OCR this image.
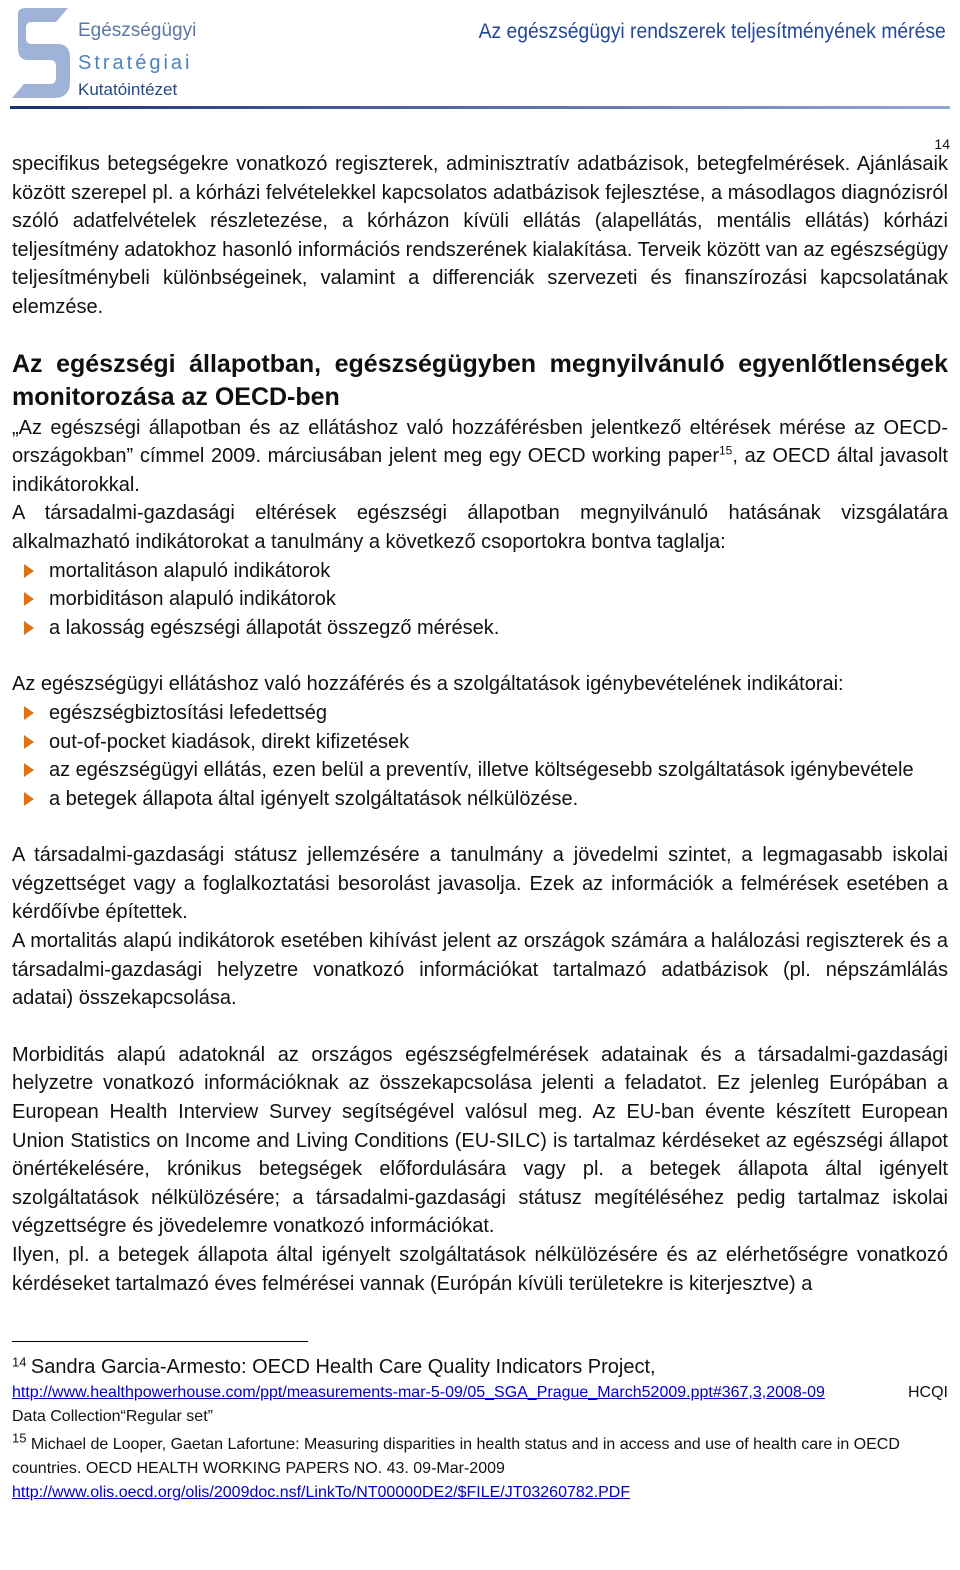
Egészségügyi
Stratégiai
Kutatóintézet
Az egészségügyi rendszerek teljesítményének mérése
14

specifikus betegségekre vonatkozó regiszterek, adminisztratív adatbázisok, betegfelmérések. Ajánlásaik között szerepel pl. a kórházi felvételekkel kapcsolatos adatbázisok fejlesztése, a másodlagos diagnózisról szóló adatfelvételek részletezése, a kórházon kívüli ellátás (alapellátás, mentális ellátás) kórházi teljesítmény adatokhoz hasonló információs rendszerének kialakítása. Terveik között van az egészségügy teljesítménybeli különbségeinek, valamint a differenciák szervezeti és finanszírozási kapcsolatának elemzése.

Az egészségi állapotban, egészségügyben megnyilvánuló egyenlőtlenségek monitorozása az OECD-ben

„Az egészségi állapotban és az ellátáshoz való hozzáférésben jelentkező eltérések mérése az OECD-országokban” címmel 2009. márciusában jelent meg egy OECD working paper$^{15}$, az OECD által javasolt indikátorokkal.

A társadalmi-gazdasági eltérések egészségi állapotban megnyilvánuló hatásának vizsgálatára alkalmazható indikátorokat a tanulmány a következő csoportokra bontva taglalja:

mortalitáson alapuló indikátorok
morbiditáson alapuló indikátorok
a lakosság egészségi állapotát összegző mérések.

Az egészségügyi ellátáshoz való hozzáférés és a szolgáltatások igénybevételének indikátorai:

egészségbiztosítási lefedettség
out-of-pocket kiadások, direkt kifizetések
az egészségügyi ellátás, ezen belül a preventív, illetve költségesebb szolgáltatások igénybevétele
a betegek állapota által igényelt szolgáltatások nélkülözése.

A társadalmi-gazdasági státusz jellemzésére a tanulmány a jövedelmi szintet, a legmagasabb iskolai végzettséget vagy a foglalkoztatási besorolást javasolja. Ezek az információk a felmérések esetében a kérdőívbe építettek.

A mortalitás alapú indikátorok esetében kihívást jelent az országok számára a halálozási regiszterek és a társadalmi-gazdasági helyzetre vonatkozó információkat tartalmazó adatbázisok (pl. népszámlálás adatai) összekapcsolása.

Morbiditás alapú adatoknál az országos egészségfelmérések adatainak és a társadalmi-gazdasági helyzetre vonatkozó információknak az összekapcsolása jelenti a feladatot. Ez jelenleg Európában a European Health Interview Survey segítségével valósul meg. Az EU-ban évente készített European Union Statistics on Income and Living Conditions (EU-SILC) is tartalmaz kérdéseket az egészségi állapot önértékelésére, krónikus betegségek előfordulására vagy pl. a betegek állapota által igényelt szolgáltatások nélkülözésére; a társadalmi-gazdasági státusz megítéléséhez pedig tartalmaz iskolai végzettségre és jövedelemre vonatkozó információkat.

Ilyen, pl. a betegek állapota által igényelt szolgáltatások nélkülözésére és az elérhetőségre vonatkozó kérdéseket tartalmazó éves felmérései vannak (Európán kívüli területekre is kiterjesztve) a

$^{14}$ Sandra Garcia-Armesto: OECD Health Care Quality Indicators Project,
http://www.healthpowerhouse.com/ppt/measurements-mar-5-09/05_SGA_Prague_March52009.ppt#367,3,2008-09	HCQI
Data Collection“Regular set”
$^{15}$ Michael de Looper, Gaetan Lafortune: Measuring disparities in health status and in access and use of health care in OECD countries. OECD HEALTH WORKING PAPERS NO. 43. 09-Mar-2009
http://www.olis.oecd.org/olis/2009doc.nsf/LinkTo/NT00000DE2/$FILE/JT03260782.PDF
